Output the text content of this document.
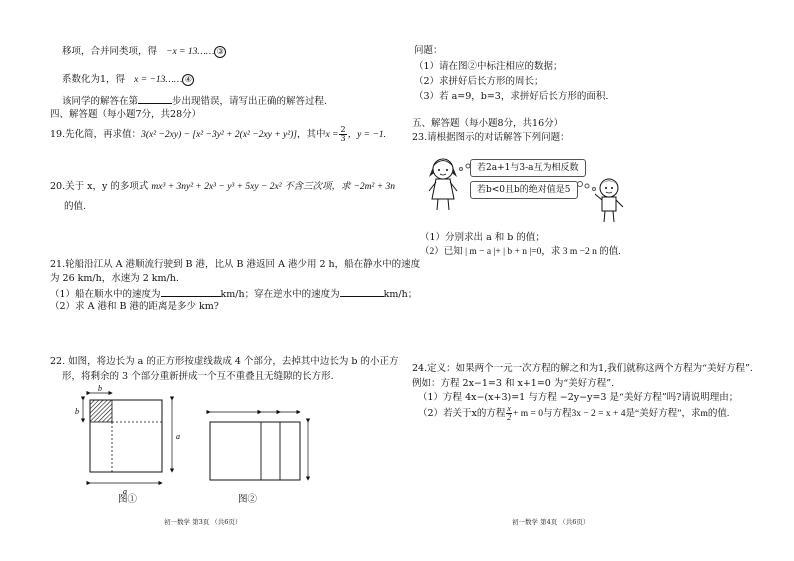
移项，合并同类项，得 −x = 13…… ③
系数化为1，得 x = −13…… ④
该同学的解答在第	步出现错误，请写出正确的解答过程.
四、解答题（每小题7分，共28分）
19.先化简，再求值：3(x² −2xy) − [x² −3y² + 2(x² −2xy + y²)]，其中$x = \frac{2}{3}$ ，y = −1.
20.关于 x，y 的多项式 mx³ + 3ny² + 2x³ − y³ + 5xy − 2x² 不含三次项，求 −2m² + 3n
的值.
21.轮船沿江从 A 港顺流行驶到 B 港，比从 B 港返回 A 港少用 2 h，船在静水中的速度
为 26 km/h，水速为 2 km/h.
（1）船在顺水中的速度为	km/h；穿在逆水中的速度为	km/h；
（2）求 A 港和 B 港的距离是多少 km?
22. 如图，将边长为 a 的正方形按虚线裁成 4 个部分，去掉其中边长为 b 的小正方
形，将剩余的 3 个部分重新拼成一个互不重叠且无缝隙的长方形.
b
b
a
a
图①	图②
初一数学 第3页 （共6页）
问题：
（1）请在图②中标注相应的数据；
（2）求拼好后长方形的周长；
（3）若 a=9，b=3，求拼好后长方形的面积.
五、解答题（每小题8分，共16分）
23.请根据图示的对话解答下列问题：
若2a+1与3-a互为相反数
若b<0且b的绝对值是5
（1）分别求出 a 和 b 的值；
（2）已知 | m − a |+ | b + n |=0，求 3 m −2 n 的值.
24.定义：如果两个一元一次方程的解之和为1,我们就称这两个方程为“美好方程”.
例如：方程 2x−1=3 和 x+1=0 为“美好方程”.
（1）方程 4x−(x+3)=1 与方程 −2y−y=3 是“美好方程”吗?请说明理由；
（2）若关于x的方程 $\frac{x}{2} + m = 0$与方程3x − 2 = x + 4是“美好方程”，求m的值.
初一数学 第4页 （共6页）
